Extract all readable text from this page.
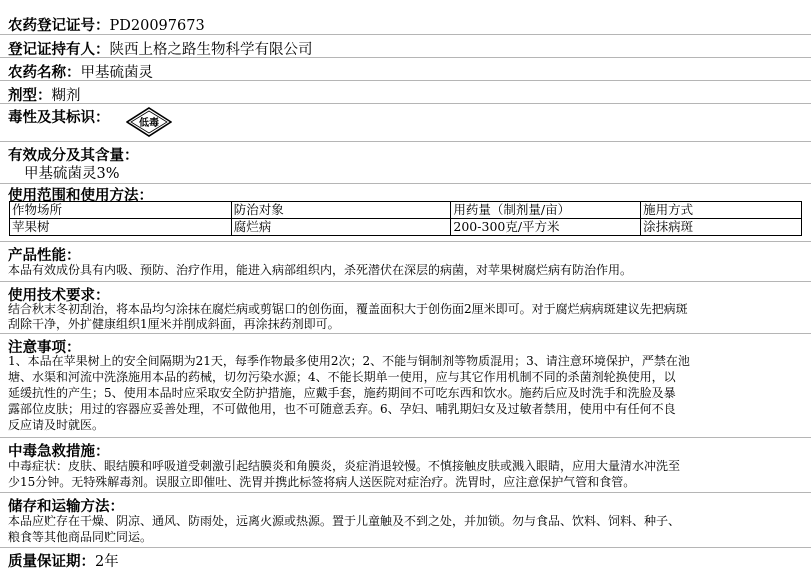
农药登记证号：PD20097673
登记证持有人：陕西上格之路生物科学有限公司
农药名称：甲基硫菌灵
剂型：糊剂
毒性及其标识：	低毒
有效成分及其含量：
甲基硫菌灵3%
使用范围和使用方法：
作物场所	防治对象	用药量（制剂量/亩）	施用方式
苹果树	腐烂病	200-300克/平方米	涂抹病斑
产品性能：
本品有效成份具有内吸、预防、治疗作用，能进入病部组织内，杀死潜伏在深层的病菌，对苹果树腐烂病有防治作用。
使用技术要求：
结合秋末冬初刮治，将本品均匀涂抹在腐烂病或剪锯口的创伤面，覆盖面积大于创伤面2厘米即可。对于腐烂病病斑建议先把病斑
刮除干净，外扩健康组织1厘米并削成斜面，再涂抹药剂即可。
注意事项：
1、本品在苹果树上的安全间隔期为21天，每季作物最多使用2次；2、不能与铜制剂等物质混用；3、请注意环境保护，严禁在池
塘、水渠和河流中洗涤施用本品的药械，切勿污染水源；4、不能长期单一使用，应与其它作用机制不同的杀菌剂轮换使用，以
延缓抗性的产生；5、使用本品时应采取安全防护措施，应戴手套，施药期间不可吃东西和饮水。施药后应及时洗手和洗脸及暴
露部位皮肤；用过的容器应妥善处理，不可做他用，也不可随意丢弃。6、孕妇、哺乳期妇女及过敏者禁用，使用中有任何不良
反应请及时就医。
中毒急救措施：
中毒症状：皮肤、眼结膜和呼吸道受刺激引起结膜炎和角膜炎，炎症消退较慢。不慎接触皮肤或溅入眼睛，应用大量清水冲洗至
少15分钟。无特殊解毒剂。误服立即催吐、洗胃并携此标签将病人送医院对症治疗。洗胃时，应注意保护气管和食管。
储存和运输方法：
本品应贮存在干燥、阴凉、通风、防雨处，远离火源或热源。置于儿童触及不到之处，并加锁。勿与食品、饮料、饲料、种子、
粮食等其他商品同贮同运。
质量保证期：2年
